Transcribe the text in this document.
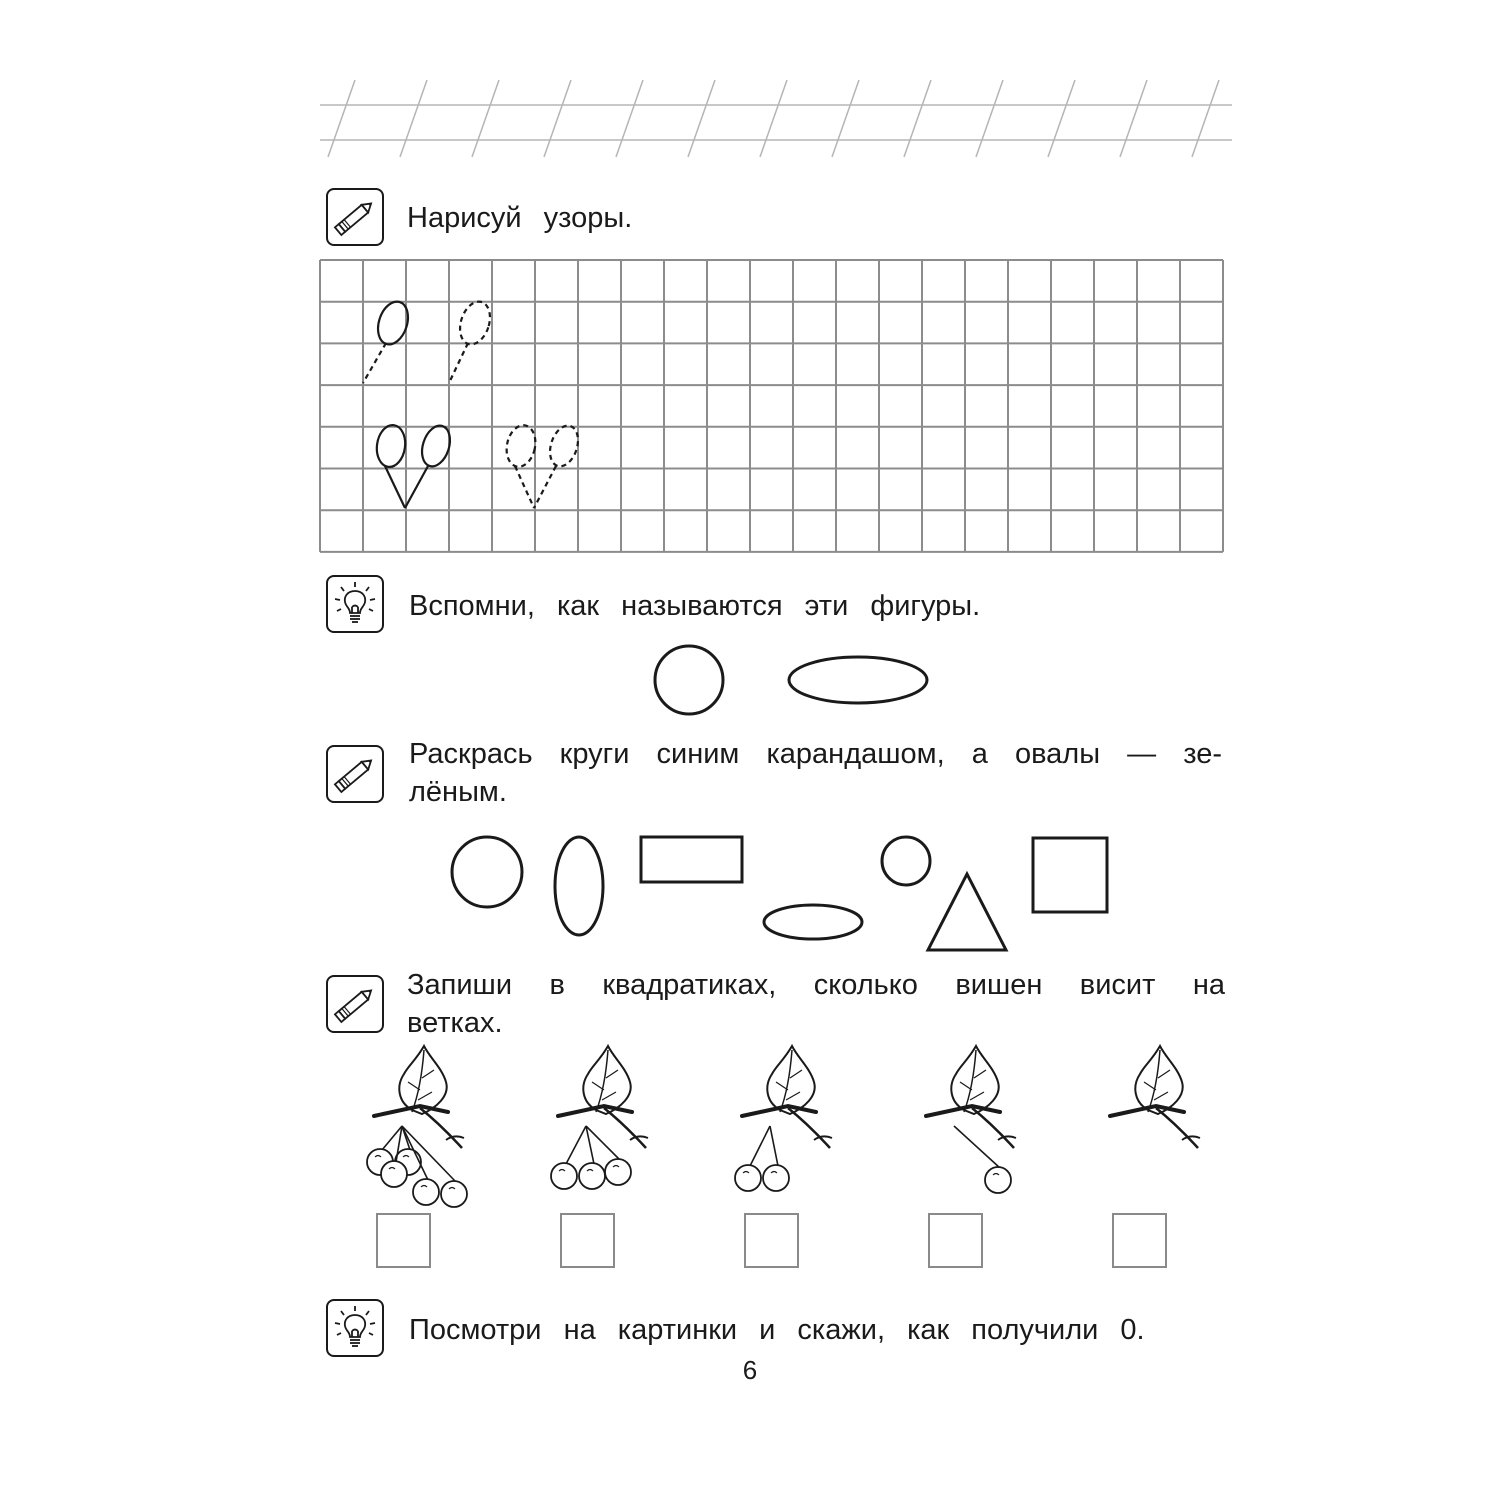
Нарисуй узоры.

Вспомни, как называются эти фигуры.

Раскрась круги синим карандашом, а овалы — зе-

лёным.

Запиши в квадратиках, сколько вишен висит на

ветках.

Посмотри на картинки и скажи, как получили 0.

6
